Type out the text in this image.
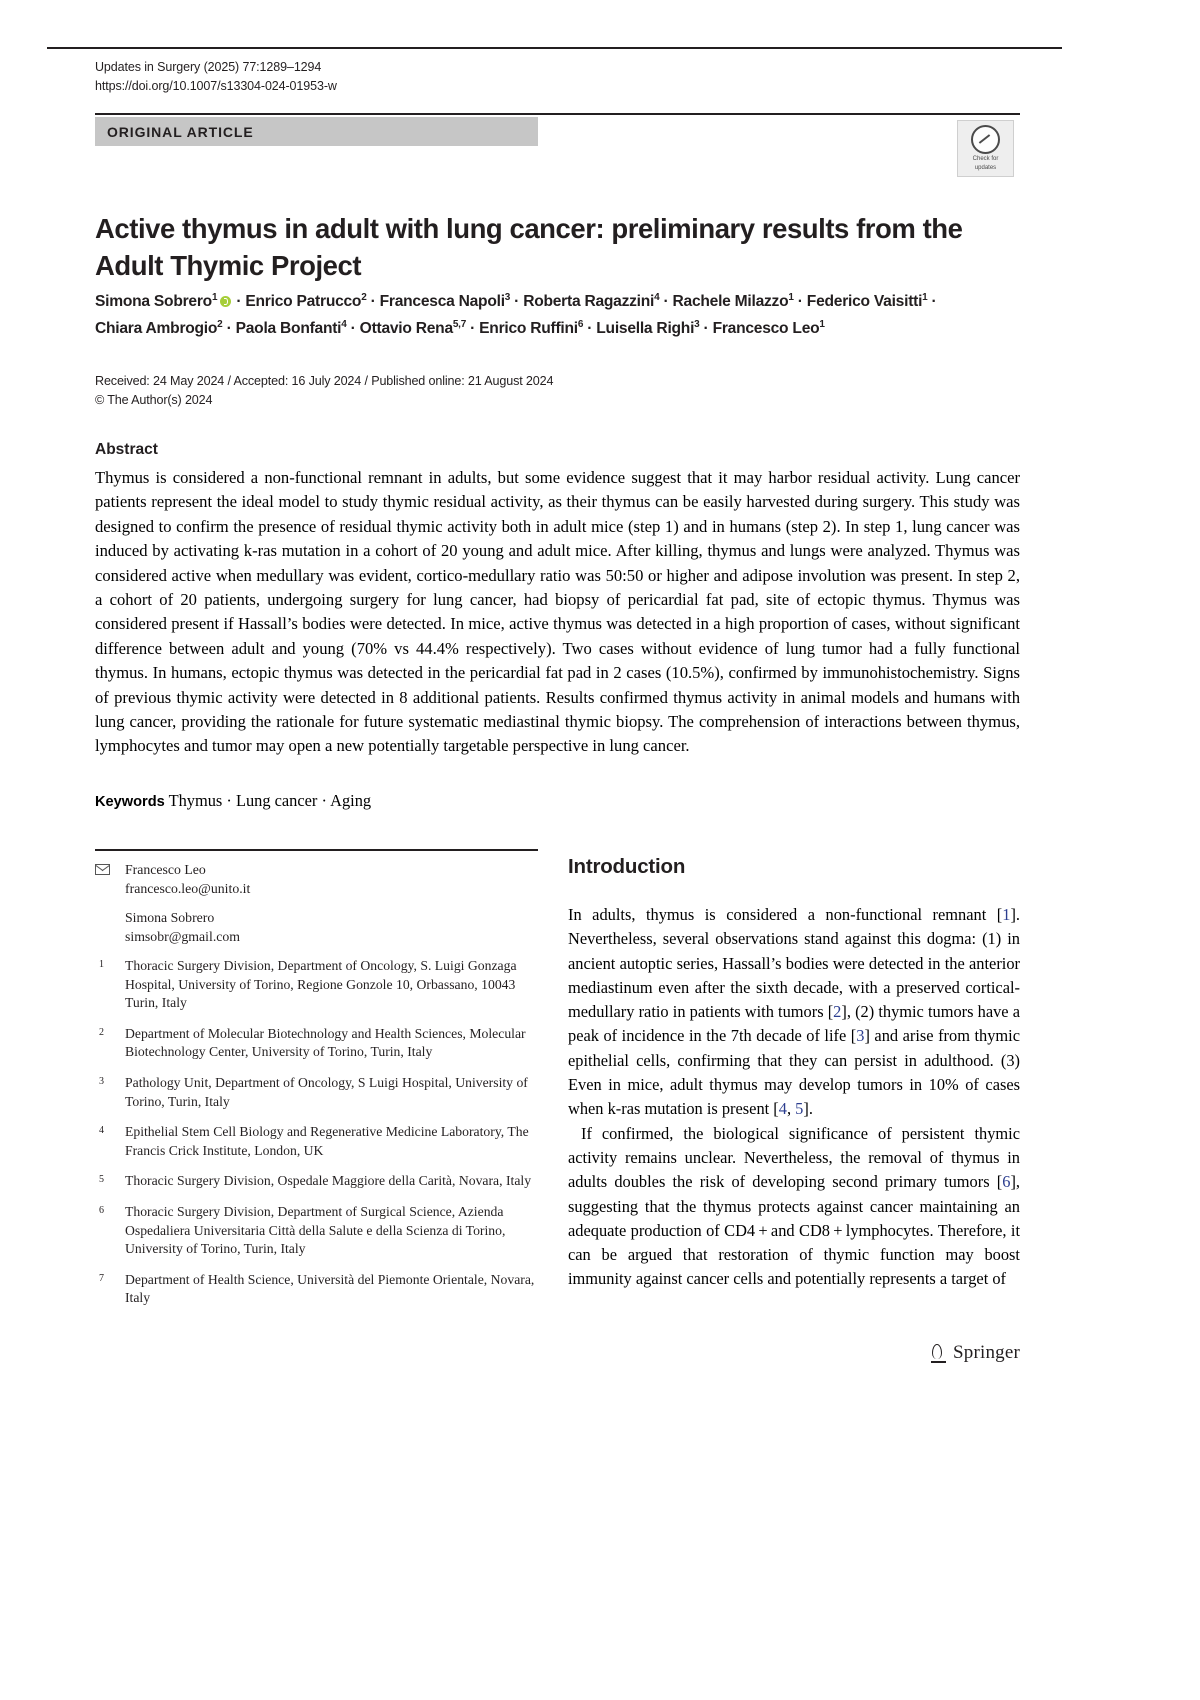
Updates in Surgery (2025) 77:1289–1294
https://doi.org/10.1007/s13304-024-01953-w
ORIGINAL ARTICLE
Check for
updates
Active thymus in adult with lung cancer: preliminary results from the Adult Thymic Project
Simona Sobrero$^1$ · Enrico Patrucco$^2$ · Francesca Napoli$^3$ · Roberta Ragazzini$^4$ · Rachele Milazzo$^1$ · Federico Vaisitti$^1$ ·
Chiara Ambrogio$^2$ · Paola Bonfanti$^4$ · Ottavio Rena$^{5,7}$ · Enrico Ruffini$^6$ · Luisella Righi$^3$ · Francesco Leo$^1$
Received: 24 May 2024 / Accepted: 16 July 2024 / Published online: 21 August 2024
© The Author(s) 2024
Abstract
Thymus is considered a non-functional remnant in adults, but some evidence suggest that it may harbor residual activity. Lung cancer patients represent the ideal model to study thymic residual activity, as their thymus can be easily harvested during surgery. This study was designed to confirm the presence of residual thymic activity both in adult mice (step 1) and in humans (step 2). In step 1, lung cancer was induced by activating k-ras mutation in a cohort of 20 young and adult mice. After killing, thymus and lungs were analyzed. Thymus was considered active when medullary was evident, cortico-medullary ratio was 50:50 or higher and adipose involution was present. In step 2, a cohort of 20 patients, undergoing surgery for lung cancer, had biopsy of pericardial fat pad, site of ectopic thymus. Thymus was considered present if Hassall’s bodies were detected. In mice, active thymus was detected in a high proportion of cases, without significant difference between adult and young (70% vs 44.4% respectively). Two cases without evidence of lung tumor had a fully functional thymus. In humans, ectopic thymus was detected in the pericardial fat pad in 2 cases (10.5%), confirmed by immunohistochemistry. Signs of previous thymic activity were detected in 8 additional patients. Results confirmed thymus activity in animal models and humans with lung cancer, providing the rationale for future systematic mediastinal thymic biopsy. The comprehension of interactions between thymus, lymphocytes and tumor may open a new potentially targetable perspective in lung cancer.
Keywords Thymus · Lung cancer · Aging
Francesco Leo
francesco.leo@unito.it
Simona Sobrero
simsobr@gmail.com
1 Thoracic Surgery Division, Department of Oncology, S. Luigi Gonzaga Hospital, University of Torino, Regione Gonzole 10, Orbassano, 10043 Turin, Italy
2 Department of Molecular Biotechnology and Health Sciences, Molecular Biotechnology Center, University of Torino, Turin, Italy
3 Pathology Unit, Department of Oncology, S Luigi Hospital, University of Torino, Turin, Italy
4 Epithelial Stem Cell Biology and Regenerative Medicine Laboratory, The Francis Crick Institute, London, UK
5 Thoracic Surgery Division, Ospedale Maggiore della Carità, Novara, Italy
6 Thoracic Surgery Division, Department of Surgical Science, Azienda Ospedaliera Universitaria Città della Salute e della Scienza di Torino, University of Torino, Turin, Italy
7 Department of Health Science, Università del Piemonte Orientale, Novara, Italy
Introduction

In adults, thymus is considered a non-functional remnant [1]. Nevertheless, several observations stand against this dogma: (1) in ancient autoptic series, Hassall’s bodies were detected in the anterior mediastinum even after the sixth decade, with a preserved cortical- medullary ratio in patients with tumors [2], (2) thymic tumors have a peak of incidence in the 7th decade of life [3] and arise from thymic epithelial cells, confirming that they can persist in adulthood. (3) Even in mice, adult thymus may develop tumors in 10% of cases when k-ras mutation is present [4, 5].

If confirmed, the biological significance of persistent thymic activity remains unclear. Nevertheless, the removal of thymus in adults doubles the risk of developing second primary tumors [6], suggesting that the thymus protects against cancer maintaining an adequate production of CD4 + and CD8 + lymphocytes. Therefore, it can be argued that restoration of thymic function may boost immunity against cancer cells and potentially represents a target of

Springer
